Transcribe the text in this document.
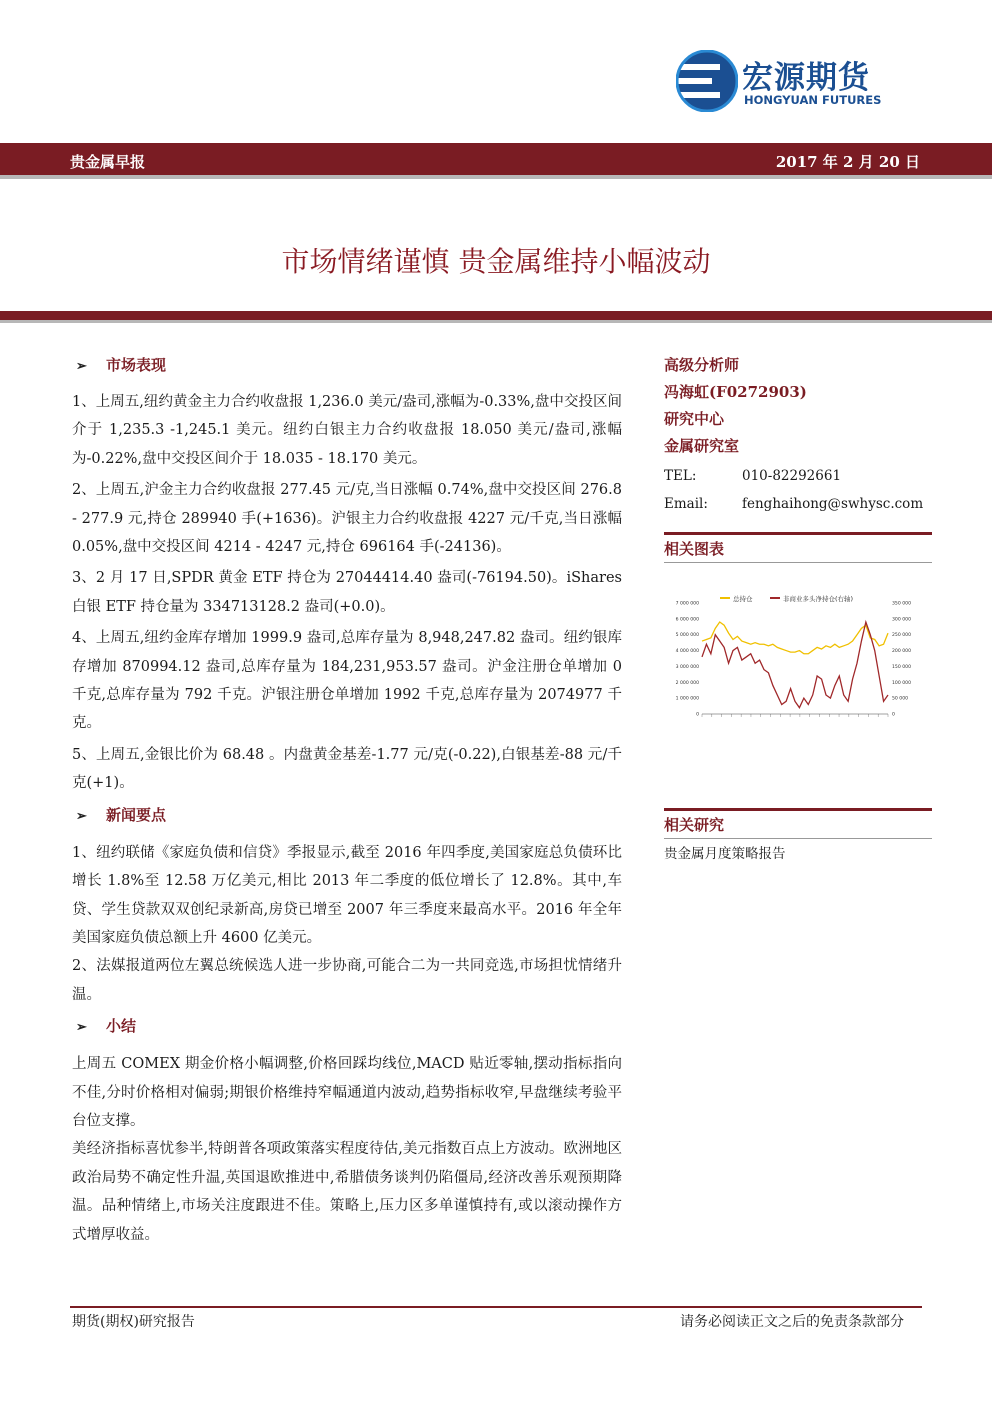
宏源期货
HONGYUAN FUTURES
贵金属早报	2017 年 2 月 20 日
市场情绪谨慎 贵金属维持小幅波动
➢ 市场表现
1、上周五,纽约黄金主力合约收盘报 1,236.0 美元/盎司,涨幅为-0.33%,盘中交投区间介于 1,235.3 -1,245.1 美元。纽约白银主力合约收盘报 18.050 美元/盎司,涨幅为-0.22%,盘中交投区间介于 18.035 - 18.170 美元。
2、上周五,沪金主力合约收盘报 277.45 元/克,当日涨幅 0.74%,盘中交投区间 276.8 - 277.9 元,持仓 289940 手(+1636)。沪银主力合约收盘报 4227 元/千克,当日涨幅 0.05%,盘中交投区间 4214 - 4247 元,持仓 696164 手(-24136)。
3、2 月 17 日,SPDR 黄金 ETF 持仓为 27044414.40 盎司(-76194.50)。iShares 白银 ETF 持仓量为 334713128.2 盎司(+0.0)。
4、上周五,纽约金库存增加 1999.9 盎司,总库存量为 8,948,247.82 盎司。纽约银库存增加 870994.12 盎司,总库存量为 184,231,953.57 盎司。沪金注册仓单增加 0 千克,总库存量为 792 千克。沪银注册仓单增加 1992 千克,总库存量为 2074977 千克。
5、上周五,金银比价为 68.48 。内盘黄金基差-1.77 元/克(-0.22),白银基差-88 元/千克(+1)。
➢ 新闻要点
1、纽约联储《家庭负债和信贷》季报显示,截至 2016 年四季度,美国家庭总负债环比增长 1.8%至 12.58 万亿美元,相比 2013 年二季度的低位增长了 12.8%。其中,车贷、学生贷款双双创纪录新高,房贷已增至 2007 年三季度来最高水平。2016 年全年美国家庭负债总额上升 4600 亿美元。
2、法媒报道两位左翼总统候选人进一步协商,可能合二为一共同竞选,市场担忧情绪升温。
➢ 小结
上周五 COMEX 期金价格小幅调整,价格回踩均线位,MACD 贴近零轴,摆动指标指向不佳,分时价格相对偏弱;期银价格维持窄幅通道内波动,趋势指标收窄,早盘继续考验平台位支撑。
美经济指标喜忧参半,特朗普各项政策落实程度待估,美元指数百点上方波动。欧洲地区政治局势不确定性升温,英国退欧推进中,希腊债务谈判仍陷僵局,经济改善乐观预期降温。品种情绪上,市场关注度跟进不佳。策略上,压力区多单谨慎持有,或以滚动操作方式增厚收益。
高级分析师
冯海虹(F0272903)
研究中心
金属研究室
TEL:	010-82292661
Email:	fenghaihong@swhysc.com
相关图表
总持仓	非商业多头净持仓(右轴)
7 000 000
6 000 000
5 000 000
4 000 000
3 000 000
2 000 000
1 000 000
0
350 000
300 000
250 000
200 000
150 000
100 000
50 000
0
相关研究
贵金属月度策略报告
期货(期权)研究报告	请务必阅读正文之后的免责条款部分
